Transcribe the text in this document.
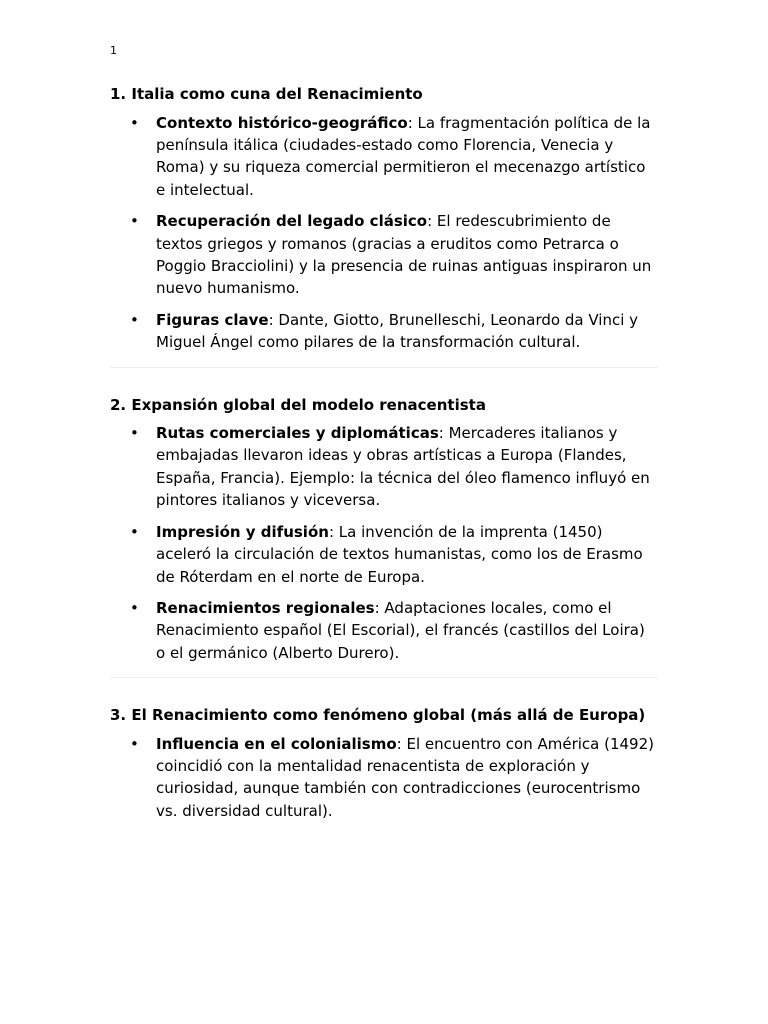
1
1. Italia como cuna del Renacimiento
• Contexto histórico-geográfico: La fragmentación política de la península itálica (ciudades-estado como Florencia, Venecia y Roma) y su riqueza comercial permitieron el mecenazgo artístico e intelectual.
• Recuperación del legado clásico: El redescubrimiento de textos griegos y romanos (gracias a eruditos como Petrarca o Poggio Bracciolini) y la presencia de ruinas antiguas inspiraron un nuevo humanismo.
• Figuras clave: Dante, Giotto, Brunelleschi, Leonardo da Vinci y Miguel Ángel como pilares de la transformación cultural.
2. Expansión global del modelo renacentista
• Rutas comerciales y diplomáticas: Mercaderes italianos y embajadas llevaron ideas y obras artísticas a Europa (Flandes, España, Francia). Ejemplo: la técnica del óleo flamenco influyó en pintores italianos y viceversa.
• Impresión y difusión: La invención de la imprenta (1450) aceleró la circulación de textos humanistas, como los de Erasmo de Róterdam en el norte de Europa.
• Renacimientos regionales: Adaptaciones locales, como el Renacimiento español (El Escorial), el francés (castillos del Loira) o el germánico (Alberto Durero).
3. El Renacimiento como fenómeno global (más allá de Europa)
• Influencia en el colonialismo: El encuentro con América (1492) coincidió con la mentalidad renacentista de exploración y curiosidad, aunque también con contradicciones (eurocentrismo vs. diversidad cultural).
